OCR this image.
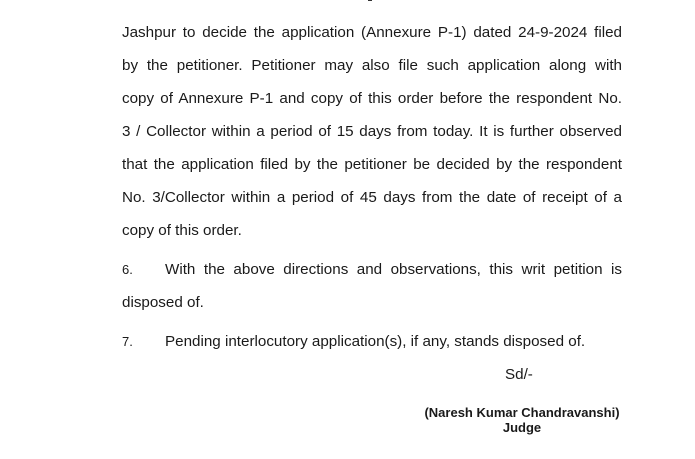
Jashpur to decide the application (Annexure P-1) dated 24-9-2024 filed
by the petitioner. Petitioner may also file such application along with
copy of Annexure P-1 and copy of this order before the respondent No.
3 / Collector within a period of 15 days from today. It is further observed
that the application filed by the petitioner be decided by the respondent
No. 3/Collector within a period of 45 days from the date of receipt of a
copy of this order.

6. With the above directions and observations, this writ petition is
disposed of.

7. Pending interlocutory application(s), if any, stands disposed of.

Sd/-
(Naresh Kumar Chandravanshi)
Judge
